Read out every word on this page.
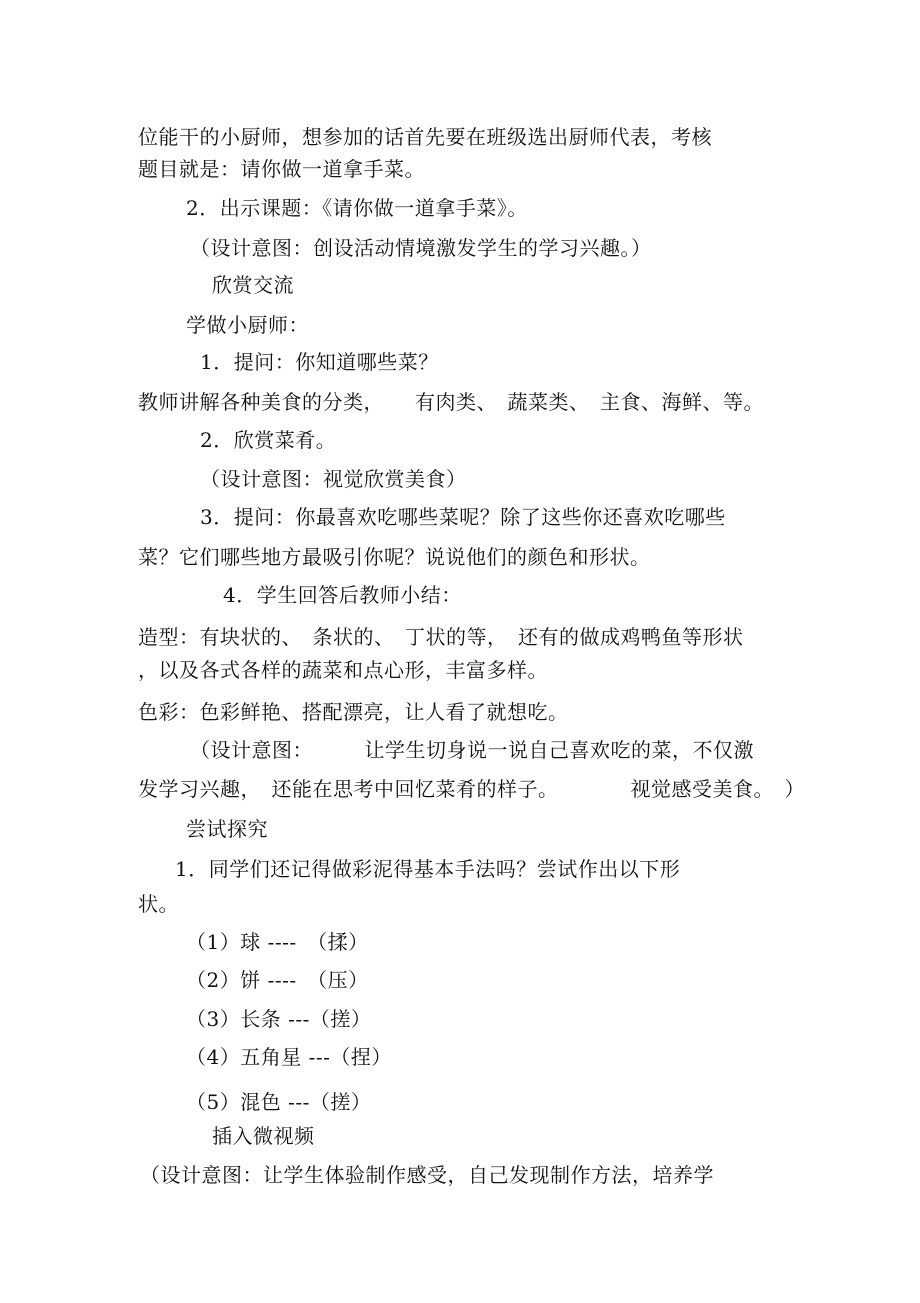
位能干的小厨师，想参加的话首先要在班级选出厨师代表，考核
题目就是：请你做一道拿手菜。
2．出示课题：《请你做一道拿手菜》。
（设计意图：创设活动情境激发学生的学习兴趣。）
欣赏交流
学做小厨师：
1．提问：你知道哪些菜？
教师讲解各种美食的分类，　　有肉类、　蔬菜类、　主食、海鲜、等。
2．欣赏菜肴。
（设计意图：视觉欣赏美食）
3．提问：你最喜欢吃哪些菜呢？除了这些你还喜欢吃哪些
菜？它们哪些地方最吸引你呢？说说他们的颜色和形状。
4．学生回答后教师小结：
造型：有块状的、　条状的、　丁状的等，　还有的做成鸡鸭鱼等形状
，以及各式各样的蔬菜和点心形，丰富多样。
色彩：色彩鲜艳、搭配漂亮，让人看了就想吃。
（设计意图：　　　让学生切身说一说自己喜欢吃的菜，不仅激
发学习兴趣，　还能在思考中回忆菜肴的样子。　　　　视觉感受美食。　）
尝试探究
1．同学们还记得做彩泥得基本手法吗？尝试作出以下形
状。
（1）球 ----　（揉）
（2）饼 ----　（压）
（3）长条 ---（搓）
（4）五角星 ---（捏）
（5）混色 ---（搓）
插入微视频
（设计意图：让学生体验制作感受，自己发现制作方法，培养学
